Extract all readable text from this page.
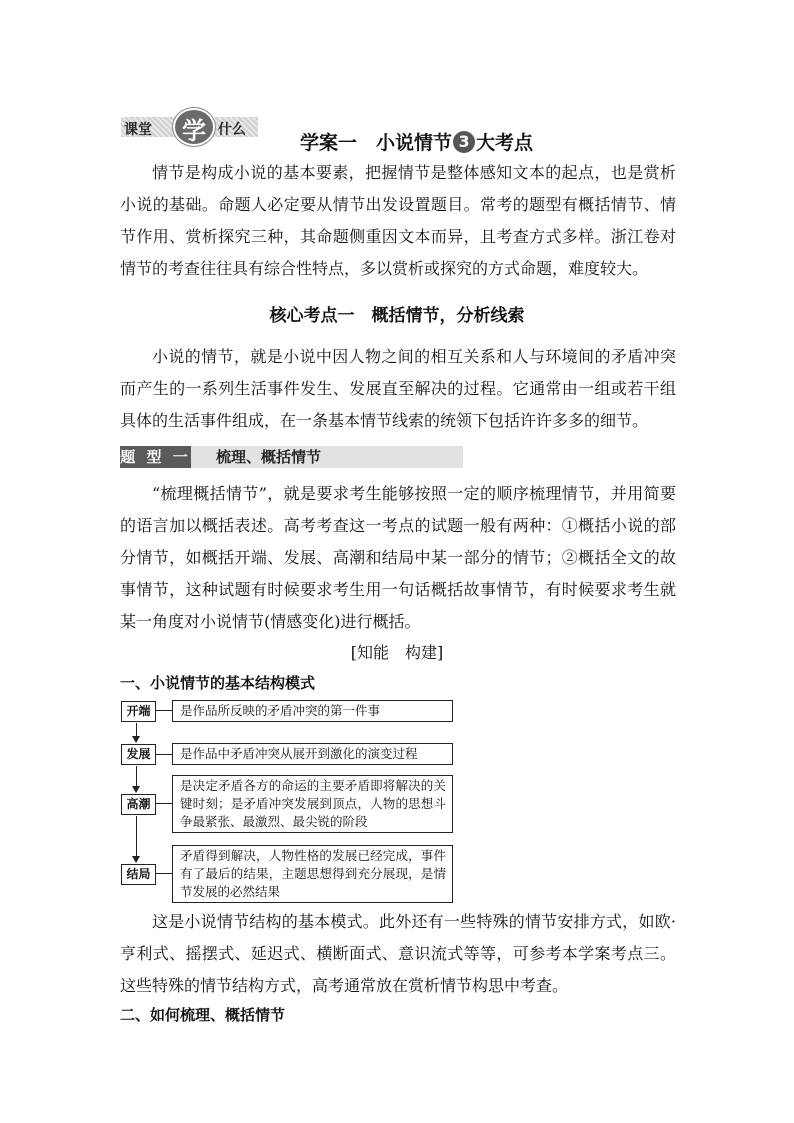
课堂 学 什么
学案一　小说情节 3 大考点
情节是构成小说的基本要素，把握情节是整体感知文本的起点，也是赏析小说的基础。命题人必定要从情节出发设置题目。常考的题型有概括情节、情节作用、赏析探究三种，其命题侧重因文本而异，且考查方式多样。浙江卷对情节的考查往往具有综合性特点，多以赏析或探究的方式命题，难度较大。
核心考点一　概括情节，分析线索
小说的情节，就是小说中因人物之间的相互关系和人与环境间的矛盾冲突而产生的一系列生活事件发生、发展直至解决的过程。它通常由一组或若干组具体的生活事件组成，在一条基本情节线索的统领下包括许许多多的细节。
题 型 一 梳理、概括情节
“梳理概括情节”，就是要求考生能够按照一定的顺序梳理情节，并用简要的语言加以概括表述。高考考查这一考点的试题一般有两种：①概括小说的部分情节，如概括开端、发展、高潮和结局中某一部分的情节；②概括全文的故事情节，这种试题有时候要求考生用一句话概括故事情节，有时候要求考生就某一角度对小说情节(情感变化)进行概括。
[知能　构建]
一、小说情节的基本结构模式
开端	是作品所反映的矛盾冲突的第一件事
发展	是作品中矛盾冲突从展开到激化的演变过程
高潮
是决定矛盾各方的命运的主要矛盾即将解决的关键时刻；是矛盾冲突发展到顶点，人物的思想斗争最紧张、最激烈、最尖锐的阶段
结局
矛盾得到解决，人物性格的发展已经完成，事件有了最后的结果，主题思想得到充分展现，是情节发展的必然结果
这是小说情节结构的基本模式。此外还有一些特殊的情节安排方式，如欧·亨利式、摇摆式、延迟式、横断面式、意识流式等等，可参考本学案考点三。这些特殊的情节结构方式，高考通常放在赏析情节构思中考查。
二、如何梳理、概括情节
